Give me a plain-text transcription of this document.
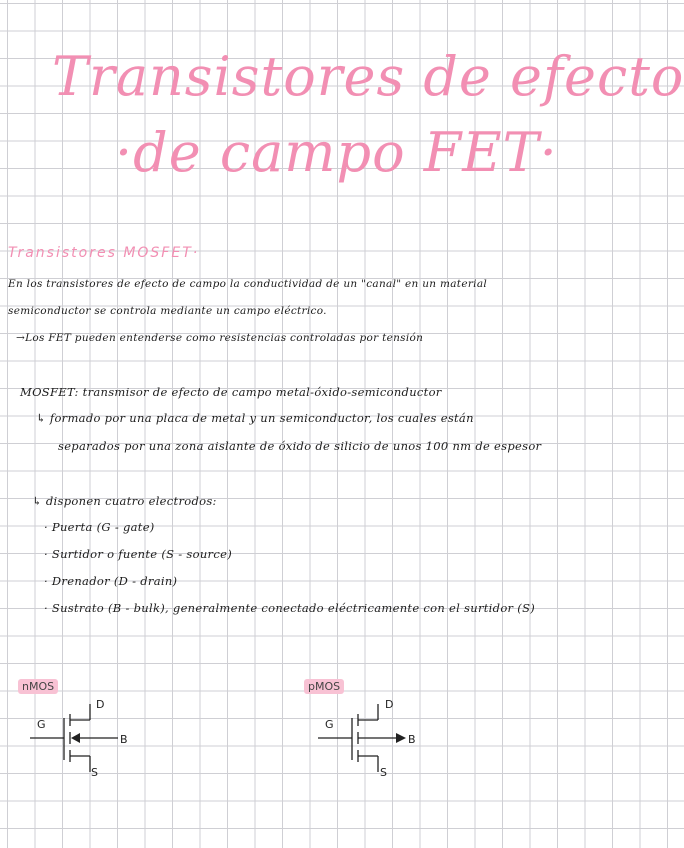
Transistores de efecto
·de campo FET·
Transistores MOSFET·
En los transistores de efecto de campo la conductividad de un "canal" en un material
semiconductor se controla mediante un campo eléctrico.
→Los FET pueden entenderse como resistencias controladas por tensión
MOSFET: transmisor de efecto de campo metal-óxido-semiconductor
↳ formado por una placa de metal y un semiconductor, los cuales están
separados por una zona aislante de óxido de silicio de unos 100 nm de espesor
↳ disponen cuatro electrodos:
· Puerta (G - gate)
· Surtidor o fuente (S - source)
· Drenador (D - drain)
· Sustrato (B - bulk), generalmente conectado eléctricamente con el surtidor (S)
nMOS
G
D
B
S
pMOS
G
D
B
S
